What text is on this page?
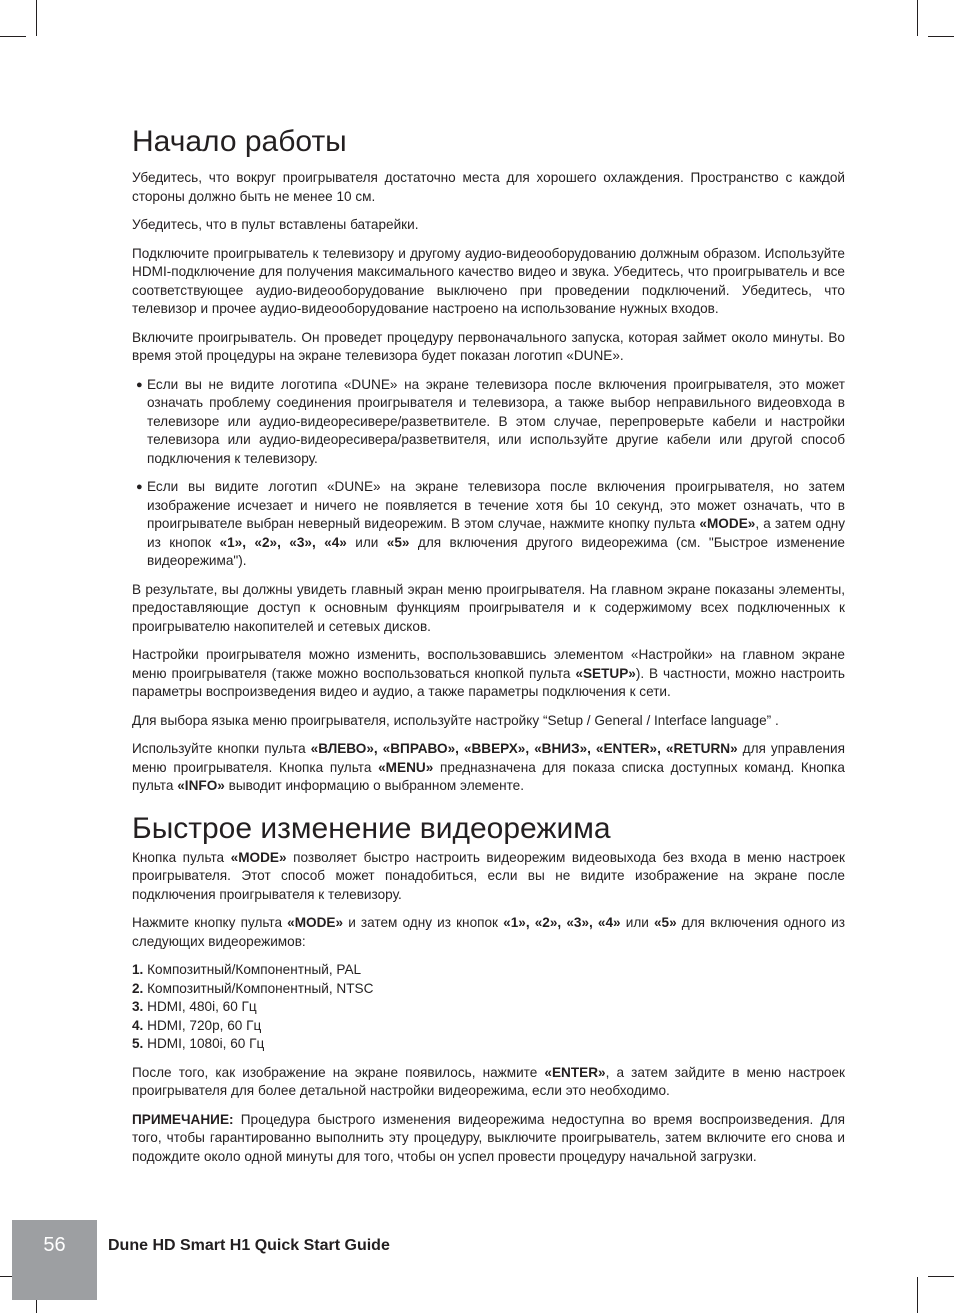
Начало работы

Убедитесь, что вокруг проигрывателя достаточно места для хорошего охлаждения. Пространство с каждой стороны должно быть не менее 10 см.

Убедитесь, что в пульт вставлены батарейки.

Подключите проигрыватель к телевизору и другому аудио-видеооборудованию должным образом. Используйте HDMI-подключение для получения максимального качество видео и звука. Убедитесь, что проигрыватель и все соответствующее аудио-видеооборудование выключено при проведении подключений. Убедитесь, что телевизор и прочее аудио-видеооборудование настроено на использование нужных входов.

Включите проигрыватель. Он проведет процедуру первоначального запуска, которая займет около минуты. Во время этой процедуры на экране телевизора будет показан логотип «DUNE».

● Если вы не видите логотипа «DUNE» на экране телевизора после включения проигрывателя, это может означать проблему соединения проигрывателя и телевизора, а также выбор неправильного видеовхода в телевизоре или аудио-видеоресивере/разветвителе. В этом случае, перепроверьте кабели и настройки телевизора или аудио-видеоресивера/разветвителя, или используйте другие кабели или другой способ подключения к телевизору.
● Если вы видите логотип «DUNE» на экране телевизора после включения проигрывателя, но затем изображение исчезает и ничего не появляется в течение хотя бы 10 секунд, это может означать, что в проигрывателе выбран неверный видеорежим. В этом случае, нажмите кнопку пульта «MODE», а затем одну из кнопок «1», «2», «3», «4» или «5» для включения другого видеорежима (см. "Быстрое изменение видеорежима").

В результате, вы должны увидеть главный экран меню проигрывателя. На главном экране показаны элементы, предоставляющие доступ к основным функциям проигрывателя и к содержимому всех подключенных к проигрывателю накопителей и сетевых дисков.

Настройки проигрывателя можно изменить, воспользовавшись элементом «Настройки» на главном экране меню проигрывателя (также можно воспользоваться кнопкой пульта «SETUP»). В частности, можно настроить параметры воспроизведения видео и аудио, а также параметры подключения к сети.

Для выбора языка меню проигрывателя, используйте настройку “Setup / General / Interface language” .

Используйте кнопки пульта «ВЛЕВО», «ВПРАВО», «ВВЕРХ», «ВНИЗ», «ENTER», «RETURN» для управления меню проигрывателя. Кнопка пульта «MENU» предназначена для показа списка доступных команд. Кнопка пульта «INFO» выводит информацию о выбранном элементе.

Быстрое изменение видеорежима

Кнопка пульта «MODE» позволяет быстро настроить видеорежим видеовыхода без входа в меню настроек проигрывателя. Этот способ может понадобиться, если вы не видите изображение на экране после подключения проигрывателя к телевизору.

Нажмите кнопку пульта «MODE» и затем одну из кнопок «1», «2», «3», «4» или «5» для включения одного из следующих видеорежимов:

1. Композитный/Компонентный, PAL
2. Композитный/Компонентный, NTSC
3. HDMI, 480i, 60 Гц
4. HDMI, 720p, 60 Гц
5. HDMI, 1080i, 60 Гц

После того, как изображение на экране появилось, нажмите «ENTER», а затем зайдите в меню настроек проигрывателя для более детальной настройки видеорежима, если это необходимо.

ПРИМЕЧАНИЕ: Процедура быстрого изменения видеорежима недоступна во время воспроизведения. Для того, чтобы гарантированно выполнить эту процедуру, выключите проигрыватель, затем включите его снова и подождите около одной минуты для того, чтобы он успел провести процедуру начальной загрузки.

56	Dune HD Smart H1 Quick Start Guide
